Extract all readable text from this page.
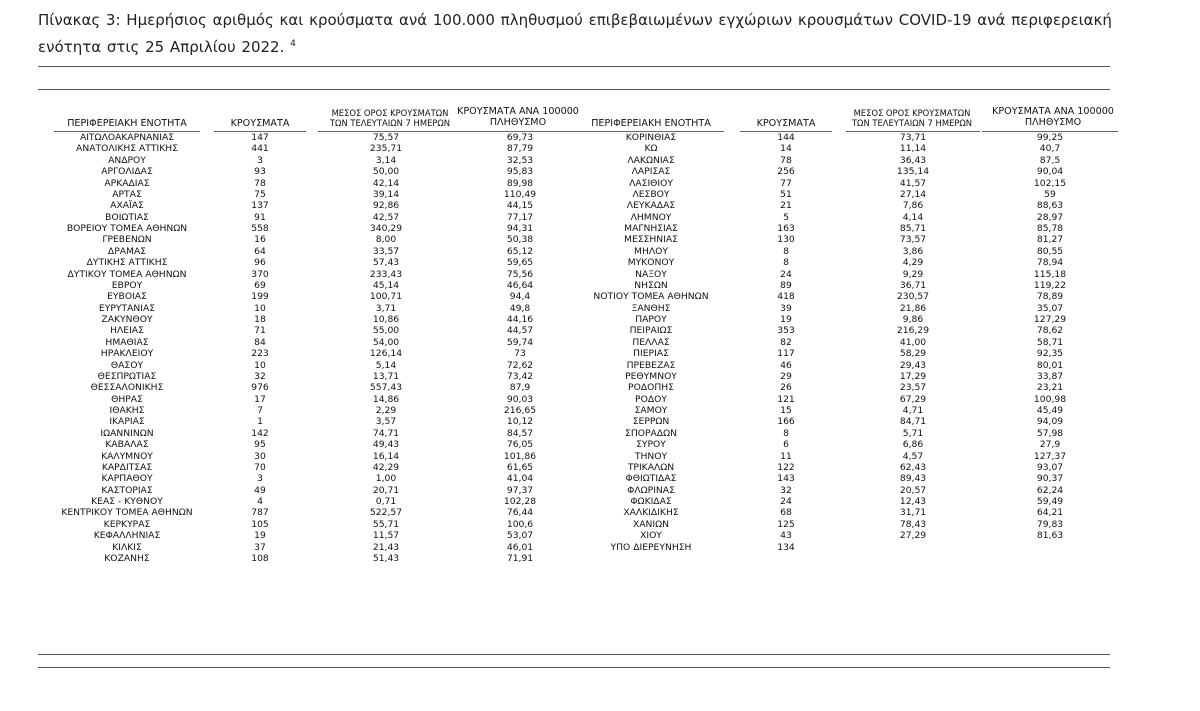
Πίνακας 3: Ημερήσιος αριθμός και κρούσματα ανά 100.000 πληθυσμού επιβεβαιωμένων εγχώριων κρουσμάτων COVID-19 ανά περιφερειακή ενότητα στις 25 Απριλίου 2022. $^4$
ΠΕΡΙΦΕΡΕΙΑΚΗ ΕΝΟΤΗΤΑ	ΚΡΟΥΣΜΑΤΑ
ΜΕΣΟΣ ΟΡΟΣ ΚΡΟΥΣΜΑΤΩΝ
ΤΩΝ ΤΕΛΕΥΤΑΙΩΝ 7 ΗΜΕΡΩΝ
ΚΡΟΥΣΜΑΤΑ ΑΝΑ 100000
ΠΛΗΘΥΣΜΟ	ΠΕΡΙΦΕΡΕΙΑΚΗ ΕΝΟΤΗΤΑ	ΚΡΟΥΣΜΑΤΑ
ΜΕΣΟΣ ΟΡΟΣ ΚΡΟΥΣΜΑΤΩΝ
ΤΩΝ ΤΕΛΕΥΤΑΙΩΝ 7 ΗΜΕΡΩΝ
ΚΡΟΥΣΜΑΤΑ ΑΝΑ 100000
ΠΛΗΘΥΣΜΟ
ΑΙΤΩΛΟΑΚΑΡΝΑΝΙΑΣ	147	75,57	69,73
ΑΝΑΤΟΛΙΚΗΣ ΑΤΤΙΚΗΣ	441	235,71	87,79
ΑΝΔΡΟΥ	3	3,14	32,53
ΑΡΓΟΛΙΔΑΣ	93	50,00	95,83
ΑΡΚΑΔΙΑΣ	78	42,14	89,98
ΑΡΤΑΣ	75	39,14	110,49
ΑΧΑΪΑΣ	137	92,86	44,15
ΒΟΙΩΤΙΑΣ	91	42,57	77,17
ΒΟΡΕΙΟΥ ΤΟΜΕΑ ΑΘΗΝΩΝ	558	340,29	94,31
ΓΡΕΒΕΝΩΝ	16	8,00	50,38
ΔΡΑΜΑΣ	64	33,57	65,12
ΔΥΤΙΚΗΣ ΑΤΤΙΚΗΣ	96	57,43	59,65
ΔΥΤΙΚΟΥ ΤΟΜΕΑ ΑΘΗΝΩΝ	370	233,43	75,56
ΕΒΡΟΥ	69	45,14	46,64
ΕΥΒΟΙΑΣ	199	100,71	94,4
ΕΥΡΥΤΑΝΙΑΣ	10	3,71	49,8
ΖΑΚΥΝΘΟΥ	18	10,86	44,16
ΗΛΕΙΑΣ	71	55,00	44,57
ΗΜΑΘΙΑΣ	84	54,00	59,74
ΗΡΑΚΛΕΙΟΥ	223	126,14	73
ΘΑΣΟΥ	10	5,14	72,62
ΘΕΣΠΡΩΤΙΑΣ	32	13,71	73,42
ΘΕΣΣΑΛΟΝΙΚΗΣ	976	557,43	87,9
ΘΗΡΑΣ	17	14,86	90,03
ΙΘΑΚΗΣ	7	2,29	216,65
ΙΚΑΡΙΑΣ	1	3,57	10,12
ΙΩΑΝΝΙΝΩΝ	142	74,71	84,57
ΚΑΒΑΛΑΣ	95	49,43	76,05
ΚΑΛΥΜΝΟΥ	30	16,14	101,86
ΚΑΡΔΙΤΣΑΣ	70	42,29	61,65
ΚΑΡΠΑΘΟΥ	3	1,00	41,04
ΚΑΣΤΟΡΙΑΣ	49	20,71	97,37
ΚΕΑΣ - ΚΥΘΝΟΥ	4	0,71	102,28
ΚΕΝΤΡΙΚΟΥ ΤΟΜΕΑ ΑΘΗΝΩΝ	787	522,57	76,44
ΚΕΡΚΥΡΑΣ	105	55,71	100,6
ΚΕΦΑΛΛΗΝΙΑΣ	19	11,57	53,07
ΚΙΛΚΙΣ	37	21,43	46,01
ΚΟΖΑΝΗΣ	108	51,43	71,91
ΚΟΡΙΝΘΙΑΣ	144	73,71	99,25
ΚΩ	14	11,14	40,7
ΛΑΚΩΝΙΑΣ	78	36,43	87,5
ΛΑΡΙΣΑΣ	256	135,14	90,04
ΛΑΣΙΘΙΟΥ	77	41,57	102,15
ΛΕΣΒΟΥ	51	27,14	59
ΛΕΥΚΑΔΑΣ	21	7,86	88,63
ΛΗΜΝΟΥ	5	4,14	28,97
ΜΑΓΝΗΣΙΑΣ	163	85,71	85,78
ΜΕΣΣΗΝΙΑΣ	130	73,57	81,27
ΜΗΛΟΥ	8	3,86	80,55
ΜΥΚΟΝΟΥ	8	4,29	78,94
ΝΑΞΟΥ	24	9,29	115,18
ΝΗΣΩΝ	89	36,71	119,22
ΝΟΤΙΟΥ ΤΟΜΕΑ ΑΘΗΝΩΝ	418	230,57	78,89
ΞΑΝΘΗΣ	39	21,86	35,07
ΠΑΡΟΥ	19	9,86	127,29
ΠΕΙΡΑΙΩΣ	353	216,29	78,62
ΠΕΛΛΑΣ	82	41,00	58,71
ΠΙΕΡΙΑΣ	117	58,29	92,35
ΠΡΕΒΕΖΑΣ	46	29,43	80,01
ΡΕΘΥΜΝΟΥ	29	17,29	33,87
ΡΟΔΟΠΗΣ	26	23,57	23,21
ΡΟΔΟΥ	121	67,29	100,98
ΣΑΜΟΥ	15	4,71	45,49
ΣΕΡΡΩΝ	166	84,71	94,09
ΣΠΟΡΑΔΩΝ	8	5,71	57,98
ΣΥΡΟΥ	6	6,86	27,9
ΤΗΝΟΥ	11	4,57	127,37
ΤΡΙΚΑΛΩΝ	122	62,43	93,07
ΦΘΙΩΤΙΔΑΣ	143	89,43	90,37
ΦΛΩΡΙΝΑΣ	32	20,57	62,24
ΦΩΚΙΔΑΣ	24	12,43	59,49
ΧΑΛΚΙΔΙΚΗΣ	68	31,71	64,21
ΧΑΝΙΩΝ	125	78,43	79,83
ΧΙΟΥ	43	27,29	81,63
ΥΠΟ ΔΙΕΡΕΥΝΗΣΗ	134
